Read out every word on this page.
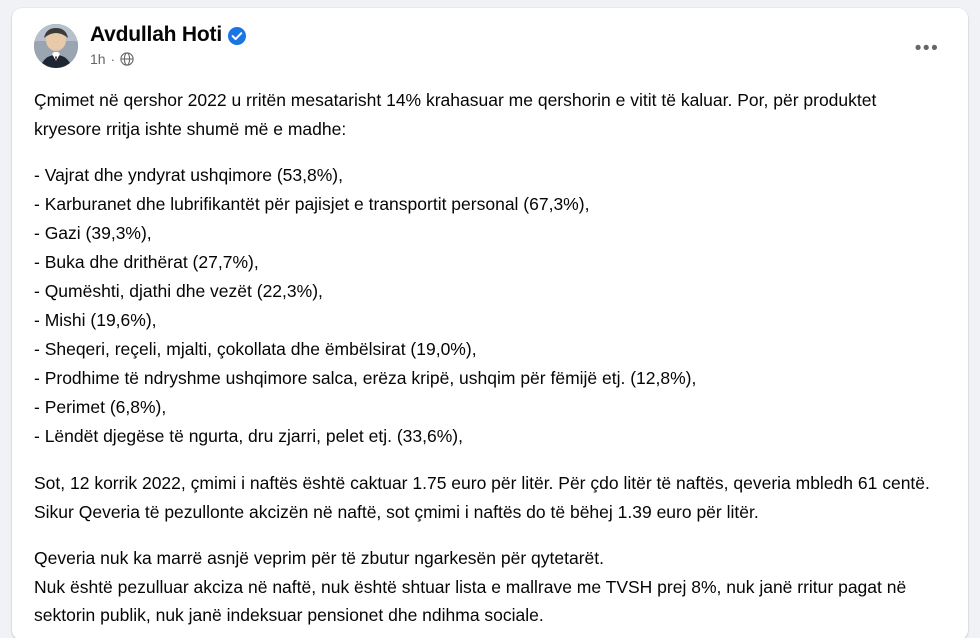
Avdullah Hoti
1h ·	•••

Çmimet në qershor 2022 u rritën mesatarisht 14% krahasuar me qershorin e vitit të kaluar. Por, për produktet kryesore rritja ishte shumë më e madhe:

- Vajrat dhe yndyrat ushqimore (53,8%),

- Karburanet dhe lubrifikantët për pajisjet e transportit personal (67,3%),

- Gazi (39,3%),

- Buka dhe drithërat (27,7%),

- Qumështi, djathi dhe vezët (22,3%),

- Mishi (19,6%),

- Sheqeri, reçeli, mjalti, çokollata dhe ëmbëlsirat (19,0%),

- Prodhime të ndryshme ushqimore salca, erëza kripë, ushqim për fëmijë etj. (12,8%),

- Perimet (6,8%),

- Lëndët djegëse të ngurta, dru zjarri, pelet etj. (33,6%),

Sot, 12 korrik 2022, çmimi i naftës është caktuar 1.75 euro për litër. Për çdo litër të naftës, qeveria mbledh 61 centë. Sikur Qeveria të pezullonte akcizën në naftë, sot çmimi i naftës do të bëhej 1.39 euro për litër.

Qeveria nuk ka marrë asnjë veprim për të zbutur ngarkesën për qytetarët.

Nuk është pezulluar akciza në naftë, nuk është shtuar lista e mallrave me TVSH prej 8%, nuk janë rritur pagat në sektorin publik, nuk janë indeksuar pensionet dhe ndihma sociale.
